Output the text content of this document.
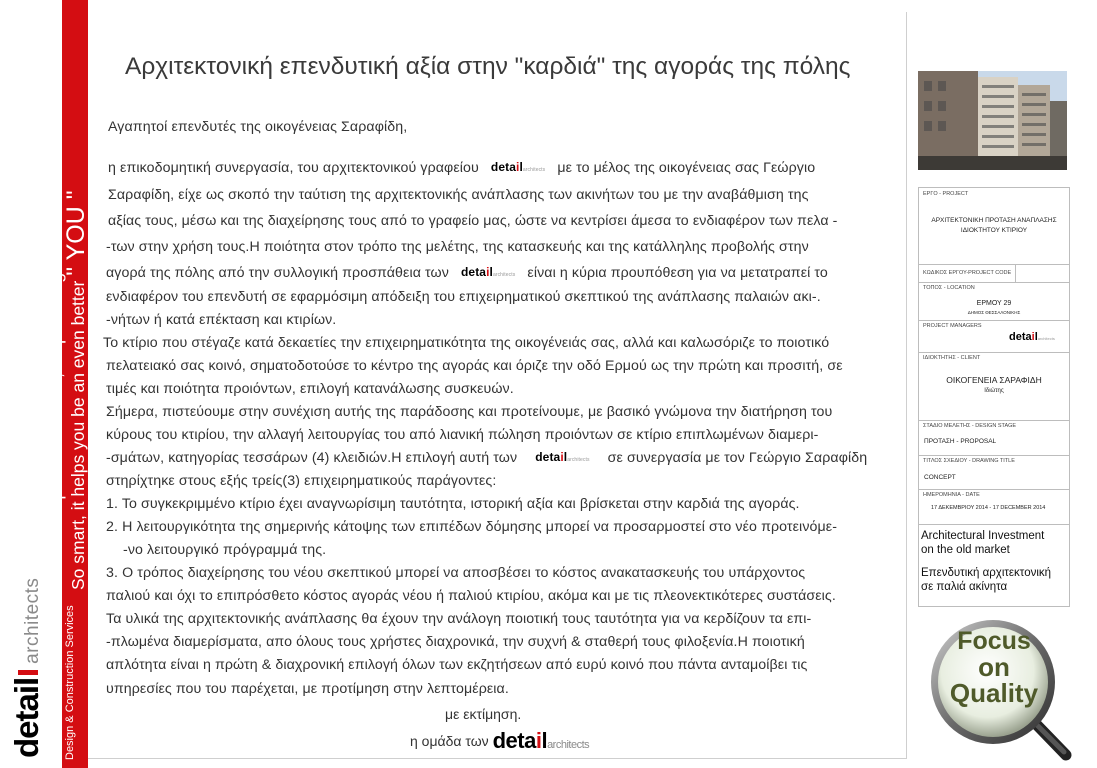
When LIVING is tailored to the individuall , it takes on new meaning.
It becomes personalflexible, empowering and smart. So smart, it helps you be an even better " YOU "
detail  architects Design & Construction Services
Αρχιτεκτονική επενδυτική αξία στην "καρδιά" της αγοράς της πόλης
Αγαπητοί επενδυτές της οικογένειας Σαραφίδη,
η επικοδομητική συνεργασία, του αρχιτεκτονικού γραφείου detailarchitects με το μέλος της οικογένειας σας Γεώργιο
Σαραφίδη, είχε ως σκοπό την ταύτιση της αρχιτεκτονικής ανάπλασης των ακινήτων του με την αναβάθμιση της
αξίας τους, μέσω και της διαχείρησης τους από το γραφείο μας, ώστε να κεντρίσει άμεσα το ενδιαφέρον των πελα -
-των στην χρήση τους.Η ποιότητα στον τρόπο της μελέτης, της κατασκευής και της κατάλληλης προβολής στην
αγορά της πόλης από την συλλογική προσπάθεια των detailarchitects είναι η κύρια προυπόθεση για να μετατραπεί το
ενδιαφέρον του επενδυτή σε εφαρμόσιμη απόδειξη του επιχειρηματικού σκεπτικού της ανάπλασης παλαιών ακι-.
-νήτων ή κατά επέκταση και κτιρίων.
Το κτίριο που στέγαζε κατά δεκαετίες την επιχειρηματικότητα της οικογένειάς σας, αλλά και καλωσόριζε το ποιοτικό
πελατειακό σας κοινό, σηματοδοτούσε το κέντρο της αγοράς και όριζε την οδό Ερμού ως την πρώτη και προσιτή, σε
τιμές και ποιότητα προιόντων, επιλογή κατανάλωσης συσκευών.
Σήμερα, πιστεύουμε στην συνέχιση αυτής της παράδοσης και προτείνουμε, με βασικό γνώμονα την διατήρηση του
κύρους του κτιρίου, την αλλαγή λειτουργίας του από λιανική πώληση προιόντων σε κτίριο επιπλωμένων διαμερι-
-σμάτων, κατηγορίας τεσσάρων (4) κλειδιών.Η επιλογή αυτή των detailarchitects σε συνεργασία με τον Γεώργιο Σαραφίδη
στηρίχτηκε στους εξής τρείς(3) επιχειρηματικούς παράγοντες:
1. Το συγκεκριμμένο κτίριο έχει αναγνωρίσιμη ταυτότητα, ιστορική αξία και βρίσκεται στην καρδιά της αγοράς.
2. Η λειτουργικότητα της σημερινής κάτοψης των επιπέδων δόμησης μπορεί να προσαρμοστεί στο νέο προτεινόμε-
-νο λειτουργικό πρόγραμμά της.
3. Ο τρόπος διαχείρησης του νέου σκεπτικού μπορεί να αποσβέσει το κόστος ανακατασκευής του υπάρχοντος
παλιού και όχι το επιπρόσθετο κόστος αγοράς νέου ή παλιού κτιρίου, ακόμα και με τις πλεονεκτικότερες συστάσεις.
Τα υλικά της αρχιτεκτονικής ανάπλασης θα έχουν την ανάλογη ποιοτική τους ταυτότητα για να κερδίζουν τα επι-
-πλωμένα διαμερίσματα, απο όλους τους χρήστες διαχρονικά, την συχνή & σταθερή τους φιλοξενία.Η ποιοτική
απλότητα είναι η πρώτη & διαχρονική επιλογή όλων των εκζητήσεων από ευρύ κοινό που πάντα ανταμοίβει τις
υπηρεσίες που του παρέχεται, με προτίμηση στην λεπτομέρεια.
με εκτίμηση.
η ομάδα των detailarchitects
ΕΡΓΟ - PROJECT
ΑΡΧΙΤΕΚΤΟΝΙΚΗ ΠΡΟΤΑΣΗ ΑΝΑΠΛΑΣΗΣ
ΙΔΙΟΚΤΗΤΟΥ ΚΤΙΡΙΟΥ
ΚΩΔΙΚΟΣ ΕΡΓΟΥ-PROJECT CODE
ΤΟΠΟΣ - LOCATION
ΕΡΜΟΥ 29
ΔΗΜΟΣ ΘΕΣΣΑΛΟΝΙΚΗΣ
PROJECT MANAGERS
detailarchitects
ΙΔΙΟΚΤΗΤΗΣ - CLIENT
ΟΙΚΟΓΕΝΕΙΑ ΣΑΡΑΦΙΔΗ
Ιδιώτης
ΣΤΑΔΙΟ ΜΕΛΕΤΗΣ - DESIGN STAGE
ΠΡΟΤΑΣΗ - PROPOSAL
ΤΙΤΛΟΣ ΣΧΕΔΙΟΥ - DRAWING TITLE
CONCEPT
ΗΜΕΡΟΜΗΝΙΑ - DATE
17 ΔΕΚΕΜΒΡΙΟΥ 2014 - 17 DECEMBER 2014
Architectural Investment
on the old market
Επενδυτική αρχιτεκτονική
σε παλιά ακίνητα
Focus
on
Quality
